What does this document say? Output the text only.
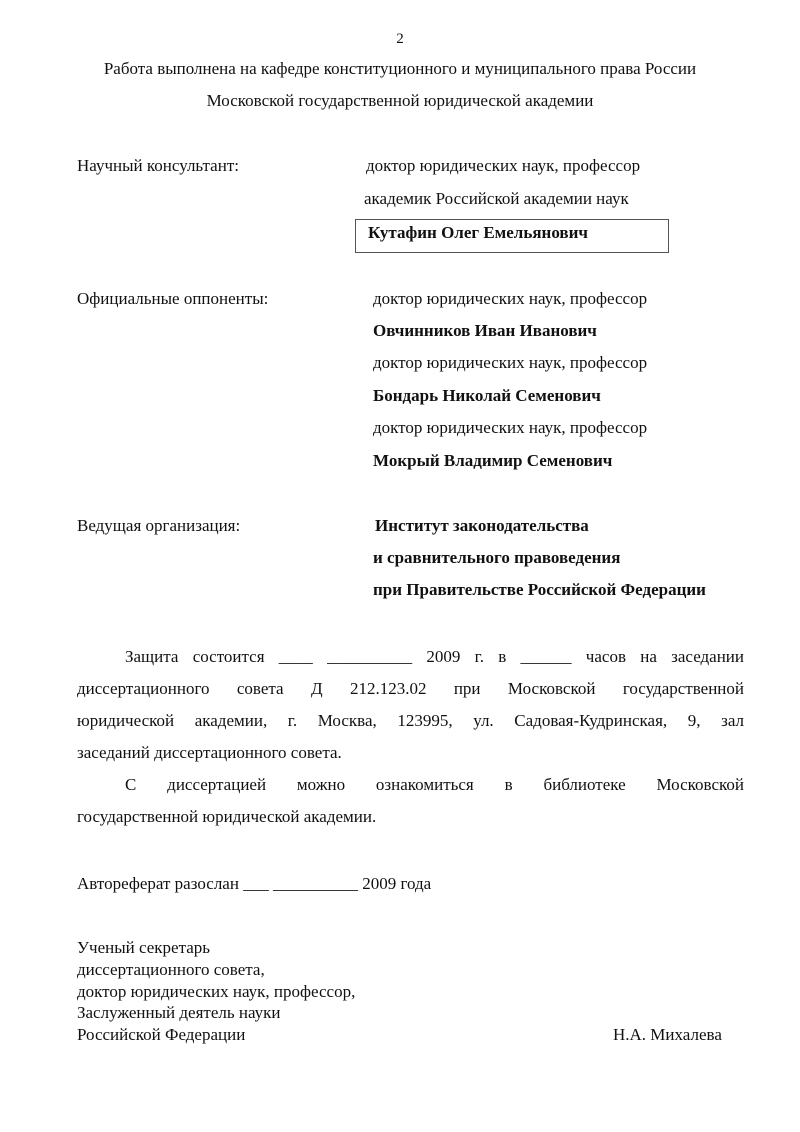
2
Работа выполнена на кафедре конституционного и муниципального права России
Московской государственной юридической академии
Научный консультант:	доктор юридических наук, профессор
академик Российской академии наук
Кутафин Олег Емельянович
Официальные оппоненты:	доктор юридических наук, профессор
Овчинников Иван Иванович
доктор юридических наук, профессор
Бондарь Николай Семенович
доктор юридических наук, профессор
Мокрый Владимир Семенович
Ведущая организация:	Институт законодательства
и сравнительного правоведения
при Правительстве Российской Федерации
Защита состоится ____ __________ 2009 г. в ______ часов на заседании
диссертационного совета Д 212.123.02 при Московской государственной
юридической академии, г. Москва, 123995, ул. Садовая-Кудринская, 9, зал
заседаний диссертационного совета.
С диссертацией можно ознакомиться в библиотеке Московской
государственной юридической академии.
Автореферат разослан ___ __________ 2009 года
Ученый секретарь
диссертационного совета,
доктор юридических наук, профессор,
Заслуженный деятель науки
Российской Федерации	Н.А. Михалева
